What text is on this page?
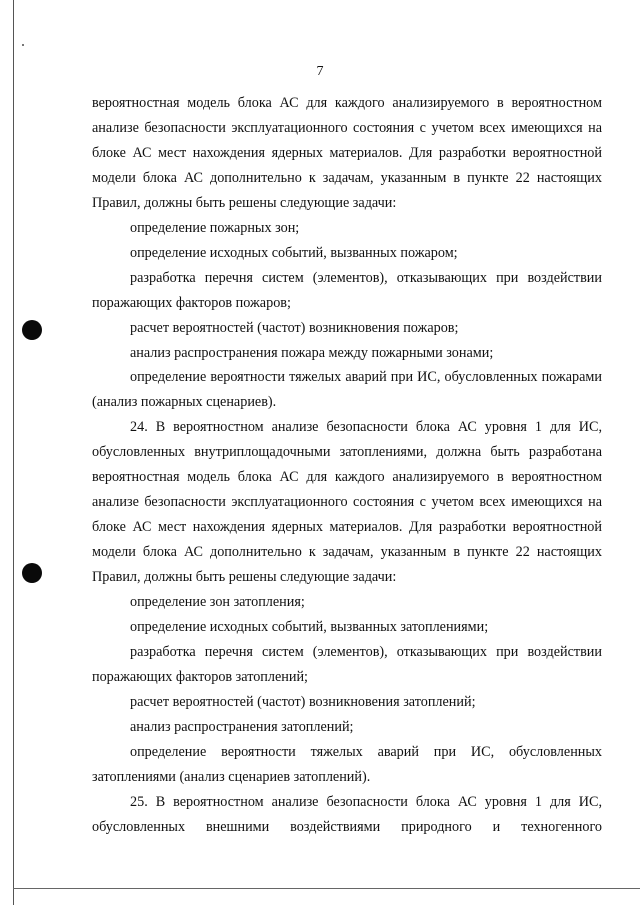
7

вероятностная модель блока АС для каждого анализируемого в вероятностном анализе безопасности эксплуатационного состояния с учетом всех имеющихся на блоке АС мест нахождения ядерных материалов. Для разработки вероятностной модели блока АС дополнительно к задачам, указанным в пункте 22 настоящих Правил, должны быть решены следующие задачи:

определение пожарных зон;

определение исходных событий, вызванных пожаром;

разработка перечня систем (элементов), отказывающих при воздействии поражающих факторов пожаров;

расчет вероятностей (частот) возникновения пожаров;

анализ распространения пожара между пожарными зонами;

определение вероятности тяжелых аварий при ИС, обусловленных пожарами (анализ пожарных сценариев).

24. В вероятностном анализе безопасности блока АС уровня 1 для ИС, обусловленных внутриплощадочными затоплениями, должна быть разработана вероятностная модель блока АС для каждого анализируемого в вероятностном анализе безопасности эксплуатационного состояния с учетом всех имеющихся на блоке АС мест нахождения ядерных материалов. Для разработки вероятностной модели блока АС дополнительно к задачам, указанным в пункте 22 настоящих Правил, должны быть решены следующие задачи:

определение зон затопления;

определение исходных событий, вызванных затоплениями;

разработка перечня систем (элементов), отказывающих при воздействии поражающих факторов затоплений;

расчет вероятностей (частот) возникновения затоплений;

анализ распространения затоплений;

определение вероятности тяжелых аварий при ИС, обусловленных затоплениями (анализ сценариев затоплений).

25. В вероятностном анализе безопасности блока АС уровня 1 для ИС, обусловленных внешними воздействиями природного и техногенного
